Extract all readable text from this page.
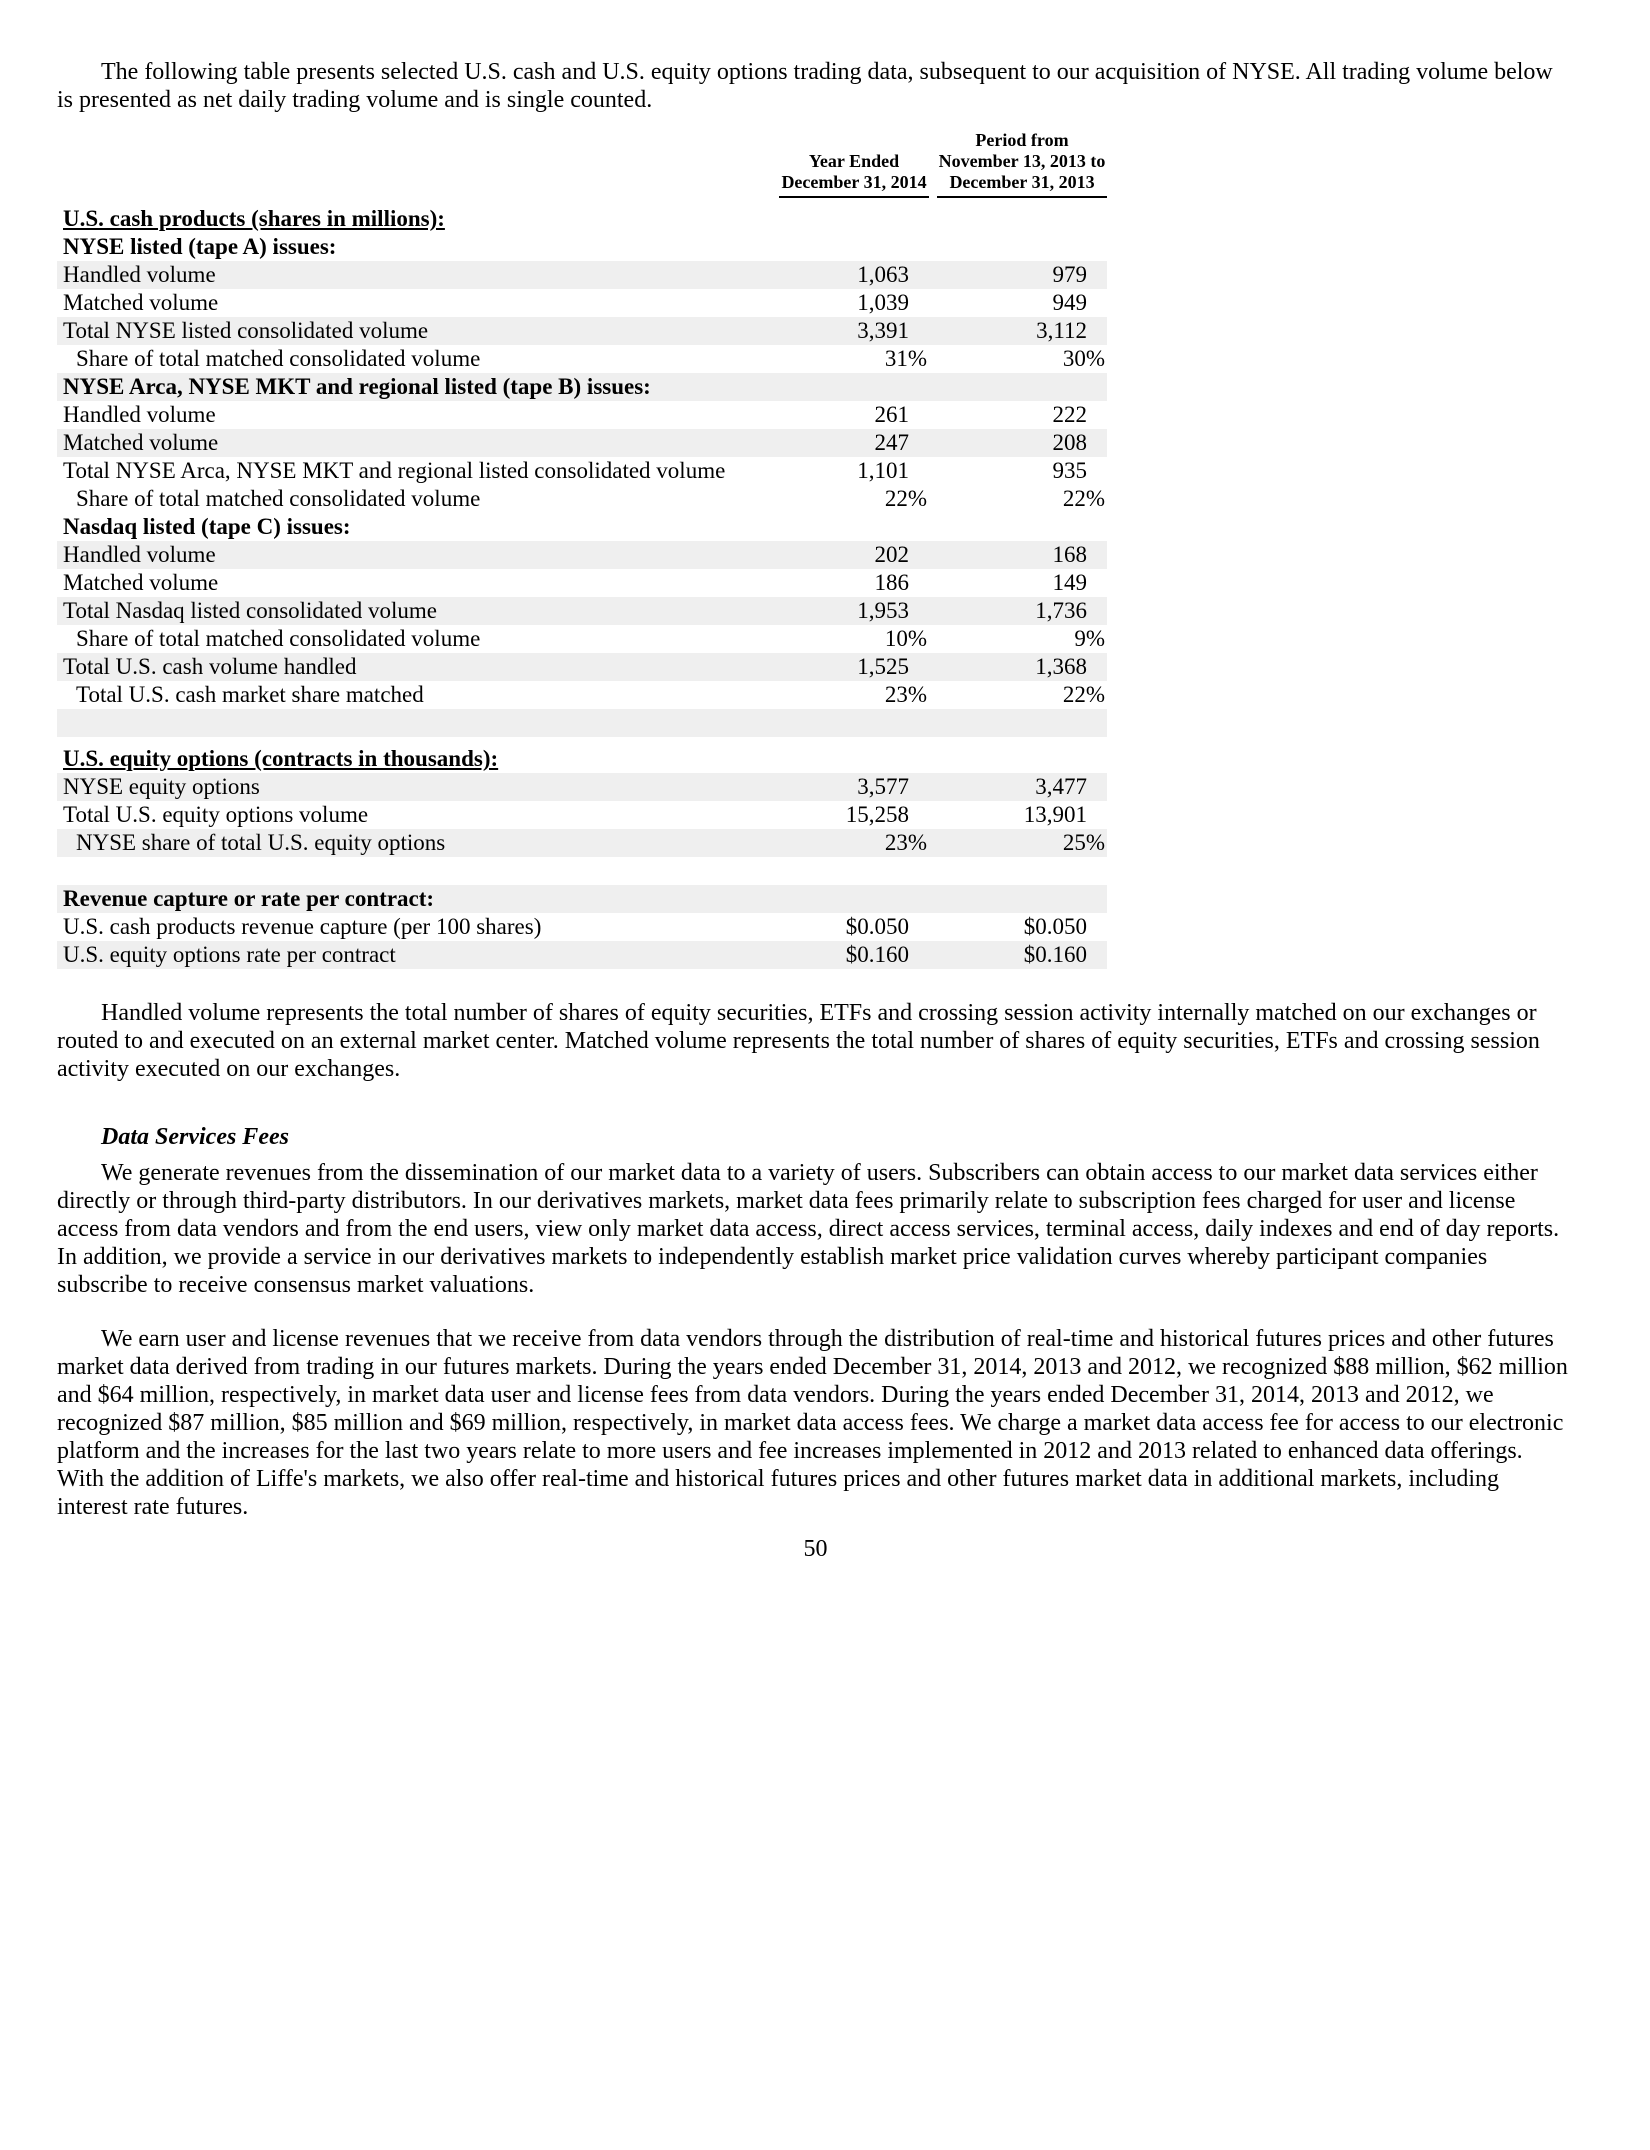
The following table presents selected U.S. cash and U.S. equity options trading data, subsequent to our acquisition of NYSE. All trading volume below is presented as net daily trading volume and is single counted.

Year Ended
December 31, 2014

Period from
November 13, 2013 to
December 31, 2013

U.S. cash products (shares in millions):			
NYSE listed (tape A) issues:			
Handled volume	1,063		979
Matched volume	1,039		949
Total NYSE listed consolidated volume	3,391		3,112
Share of total matched consolidated volume	31%		30%
NYSE Arca, NYSE MKT and regional listed (tape B) issues:			
Handled volume	261		222
Matched volume	247		208
Total NYSE Arca, NYSE MKT and regional listed consolidated volume	1,101		935
Share of total matched consolidated volume	22%		22%
Nasdaq listed (tape C) issues:			
Handled volume	202		168
Matched volume	186		149
Total Nasdaq listed consolidated volume	1,953		1,736
Share of total matched consolidated volume	10%		9%
Total U.S. cash volume handled	1,525		1,368
Total U.S. cash market share matched	23%		22%

U.S. equity options (contracts in thousands):			
NYSE equity options	3,577		3,477
Total U.S. equity options volume	15,258		13,901
NYSE share of total U.S. equity options	23%		25%

Revenue capture or rate per contract:			
U.S. cash products revenue capture (per 100 shares)	$0.050		$0.050
U.S. equity options rate per contract	$0.160		$0.160

Handled volume represents the total number of shares of equity securities, ETFs and crossing session activity internally matched on our exchanges or routed to and executed on an external market center. Matched volume represents the total number of shares of equity securities, ETFs and crossing session activity executed on our exchanges.

Data Services Fees

We generate revenues from the dissemination of our market data to a variety of users. Subscribers can obtain access to our market data services either directly or through third-party distributors. In our derivatives markets, market data fees primarily relate to subscription fees charged for user and license access from data vendors and from the end users, view only market data access, direct access services, terminal access, daily indexes and end of day reports. In addition, we provide a service in our derivatives markets to independently establish market price validation curves whereby participant companies subscribe to receive consensus market valuations.

We earn user and license revenues that we receive from data vendors through the distribution of real-time and historical futures prices and other futures market data derived from trading in our futures markets. During the years ended December 31, 2014, 2013 and 2012, we recognized $88 million, $62 million and $64 million, respectively, in market data user and license fees from data vendors. During the years ended December 31, 2014, 2013 and 2012, we recognized $87 million, $85 million and $69 million, respectively, in market data access fees. We charge a market data access fee for access to our electronic platform and the increases for the last two years relate to more users and fee increases implemented in 2012 and 2013 related to enhanced data offerings. With the addition of Liffe's markets, we also offer real-time and historical futures prices and other futures market data in additional markets, including interest rate futures.

50
